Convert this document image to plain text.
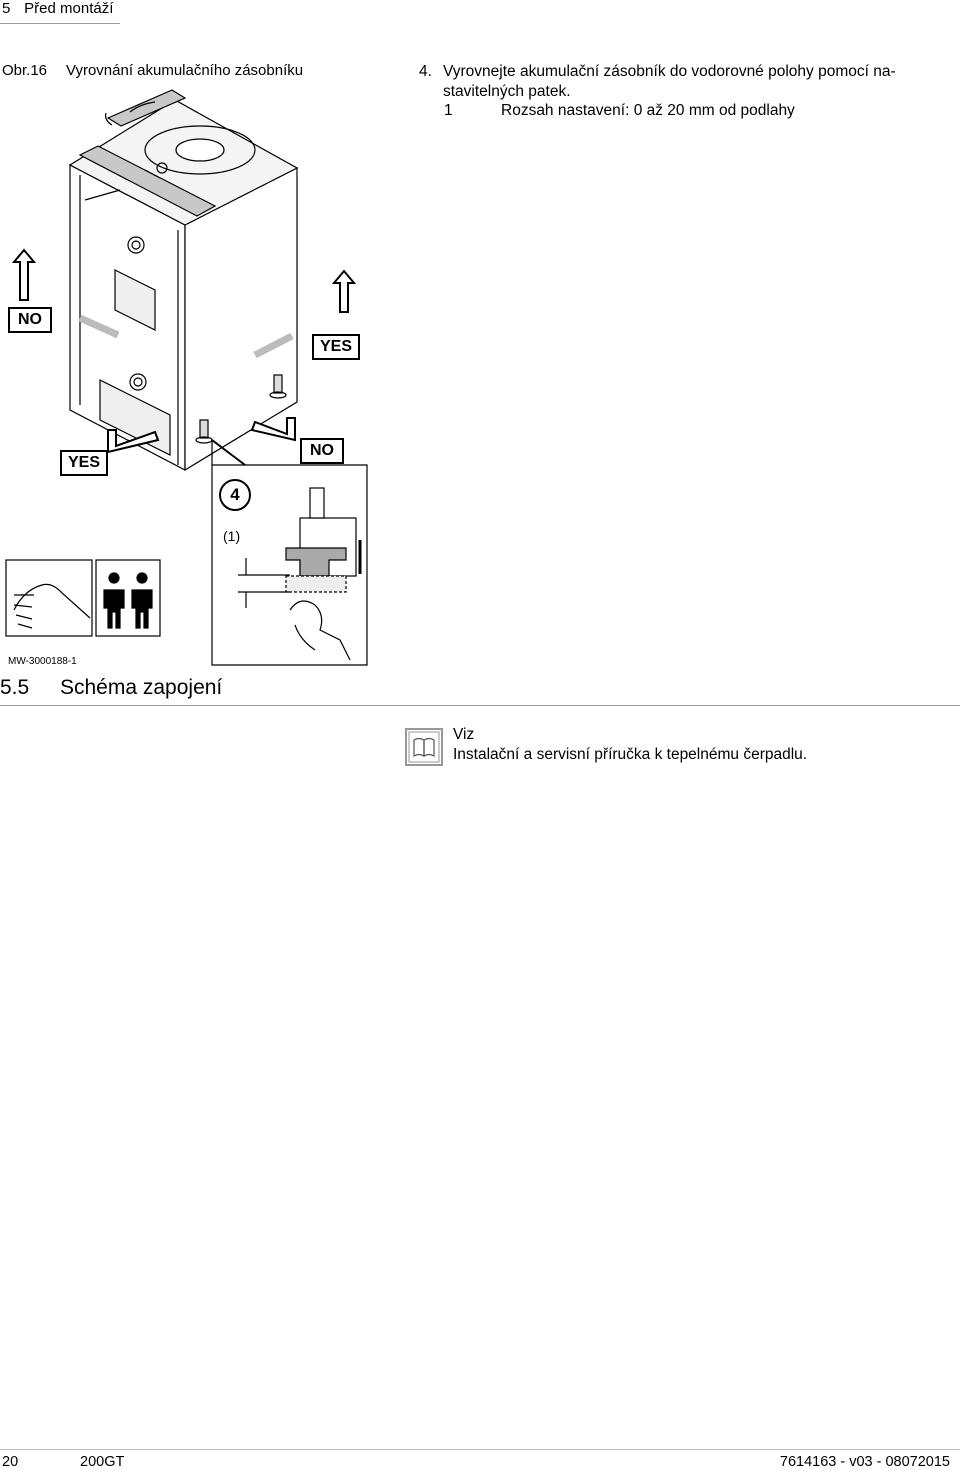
5 Před montáží
Obr.16 Vyrovnání akumulačního zásobníku	4. Vyrovnejte akumulační zásobník do vodorovné polohy pomocí na-stavitelných patek.
1	Rozsah nastavení: 0 až 20 mm od podlahy
NO
YES
YES
NO
4
(1)
MW-3000188-1
5.5 Schéma zapojení
Viz
Instalační a servisní příručka k tepelnému čerpadlu.
20	200GT	7614163 - v03 - 08072015
